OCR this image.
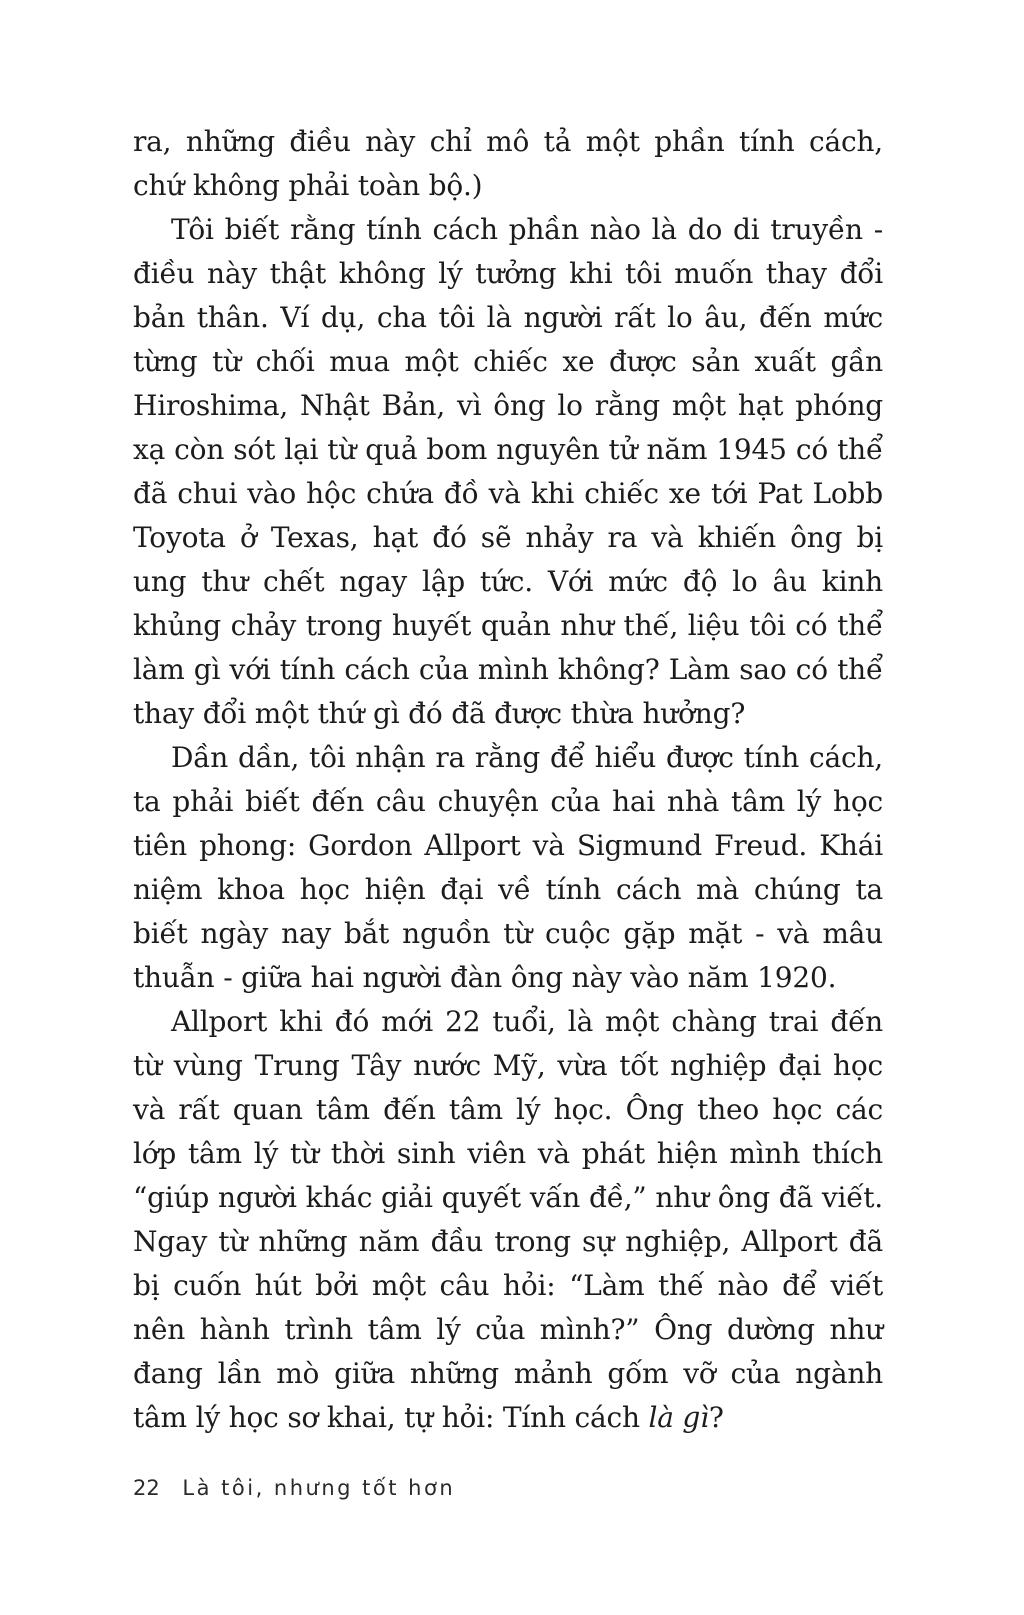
ra, những điều này chỉ mô tả một phần tính cách, chứ không phải toàn bộ.)

Tôi biết rằng tính cách phần nào là do di truyền - điều này thật không lý tưởng khi tôi muốn thay đổi bản thân. Ví dụ, cha tôi là người rất lo âu, đến mức từng từ chối mua một chiếc xe được sản xuất gần Hiroshima, Nhật Bản, vì ông lo rằng một hạt phóng xạ còn sót lại từ quả bom nguyên tử năm 1945 có thể đã chui vào hộc chứa đồ và khi chiếc xe tới Pat Lobb Toyota ở Texas, hạt đó sẽ nhảy ra và khiến ông bị ung thư chết ngay lập tức. Với mức độ lo âu kinh khủng chảy trong huyết quản như thế, liệu tôi có thể làm gì với tính cách của mình không? Làm sao có thể thay đổi một thứ gì đó đã được thừa hưởng?

Dần dần, tôi nhận ra rằng để hiểu được tính cách, ta phải biết đến câu chuyện của hai nhà tâm lý học tiên phong: Gordon Allport và Sigmund Freud. Khái niệm khoa học hiện đại về tính cách mà chúng ta biết ngày nay bắt nguồn từ cuộc gặp mặt - và mâu thuẫn - giữa hai người đàn ông này vào năm 1920.

Allport khi đó mới 22 tuổi, là một chàng trai đến từ vùng Trung Tây nước Mỹ, vừa tốt nghiệp đại học và rất quan tâm đến tâm lý học. Ông theo học các lớp tâm lý từ thời sinh viên và phát hiện mình thích “giúp người khác giải quyết vấn đề,” như ông đã viết. Ngay từ những năm đầu trong sự nghiệp, Allport đã bị cuốn hút bởi một câu hỏi: “Làm thế nào để viết nên hành trình tâm lý của mình?” Ông dường như đang lần mò giữa những mảnh gốm vỡ của ngành tâm lý học sơ khai, tự hỏi: Tính cách là gì?

22 Là tôi, nhưng tốt hơn
